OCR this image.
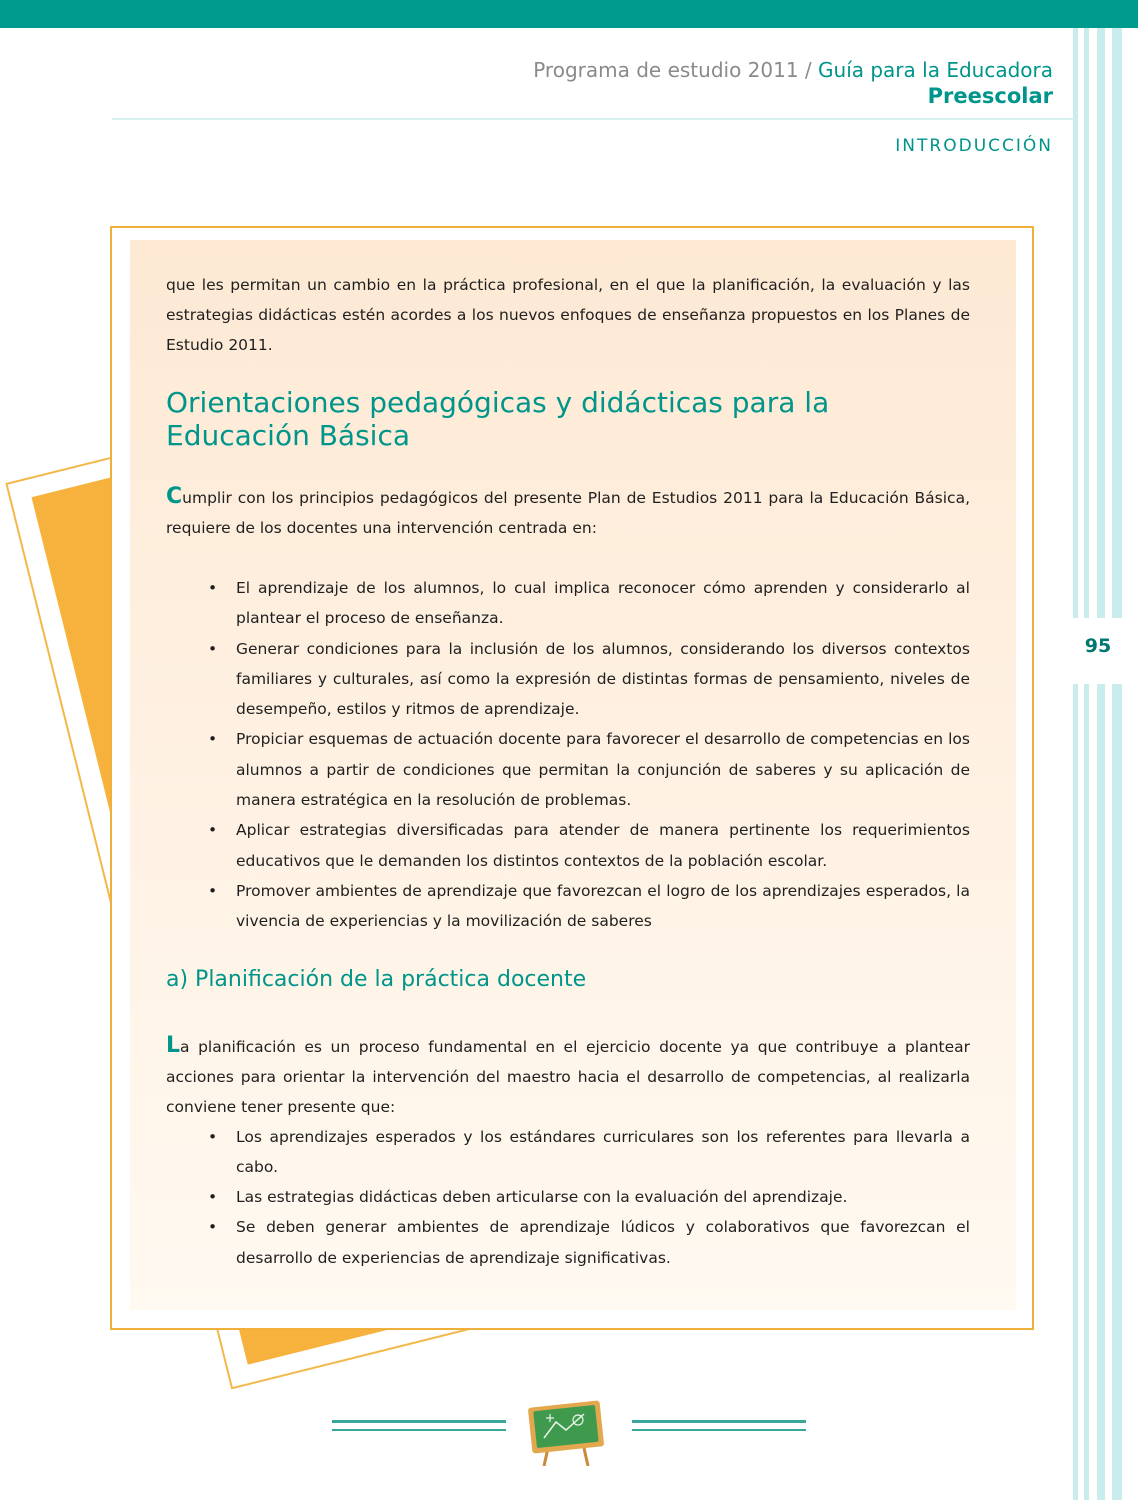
Programa de estudio 2011 / Guía para la Educadora
Preescolar
INTRODUCCIÓN
95

que les permitan un cambio en la práctica profesional, en el que la planificación, la evaluación y las estrategias didácticas estén acordes a los nuevos enfoques de enseñanza propuestos en los Planes de Estudio 2011.

Orientaciones pedagógicas y didácticas para la Educación Básica

Cumplir con los principios pedagógicos del presente Plan de Estudios 2011 para la Educación Básica, requiere de los docentes una intervención centrada en:

• El aprendizaje de los alumnos, lo cual implica reconocer cómo aprenden y considerarlo al plantear el proceso de enseñanza.
• Generar condiciones para la inclusión de los alumnos, considerando los diversos contextos familiares y culturales, así como la expresión de distintas formas de pensamiento, niveles de desempeño, estilos y ritmos de aprendizaje.
• Propiciar esquemas de actuación docente para favorecer el desarrollo de competencias en los alumnos a partir de condiciones que permitan la conjunción de saberes y su aplicación de manera estratégica en la resolución de problemas.
• Aplicar estrategias diversificadas para atender de manera pertinente los requerimientos educativos que le demanden los distintos contextos de la población escolar.
• Promover ambientes de aprendizaje que favorezcan el logro de los aprendizajes esperados, la vivencia de experiencias y la movilización de saberes
a) Planificación de la práctica docente

La planificación es un proceso fundamental en el ejercicio docente ya que contribuye a plantear acciones para orientar la intervención del maestro hacia el desarrollo de competencias, al realizarla conviene tener presente que:

• Los aprendizajes esperados y los estándares curriculares son los referentes para llevarla a cabo.
• Las estrategias didácticas deben articularse con la evaluación del aprendizaje.
• Se deben generar ambientes de aprendizaje lúdicos y colaborativos que favorezcan el desarrollo de experiencias de aprendizaje significativas.
